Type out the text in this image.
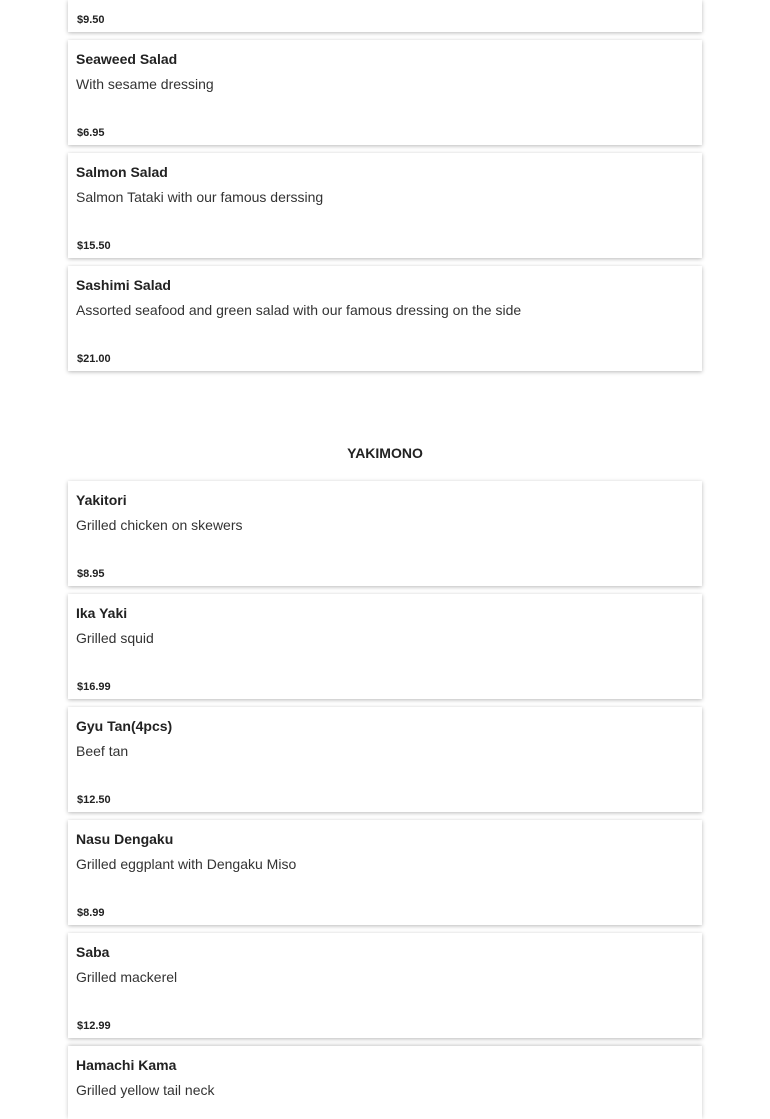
$9.50
Seaweed Salad
With sesame dressing
$6.95
Salmon Salad
Salmon Tataki with our famous derssing
$15.50
Sashimi Salad
Assorted seafood and green salad with our famous dressing on the side
$21.00
YAKIMONO
Yakitori
Grilled chicken on skewers
$8.95
Ika Yaki
Grilled squid
$16.99
Gyu Tan(4pcs)
Beef tan
$12.50
Nasu Dengaku
Grilled eggplant with Dengaku Miso
$8.99
Saba
Grilled mackerel
$12.99
Hamachi Kama
Grilled yellow tail neck
